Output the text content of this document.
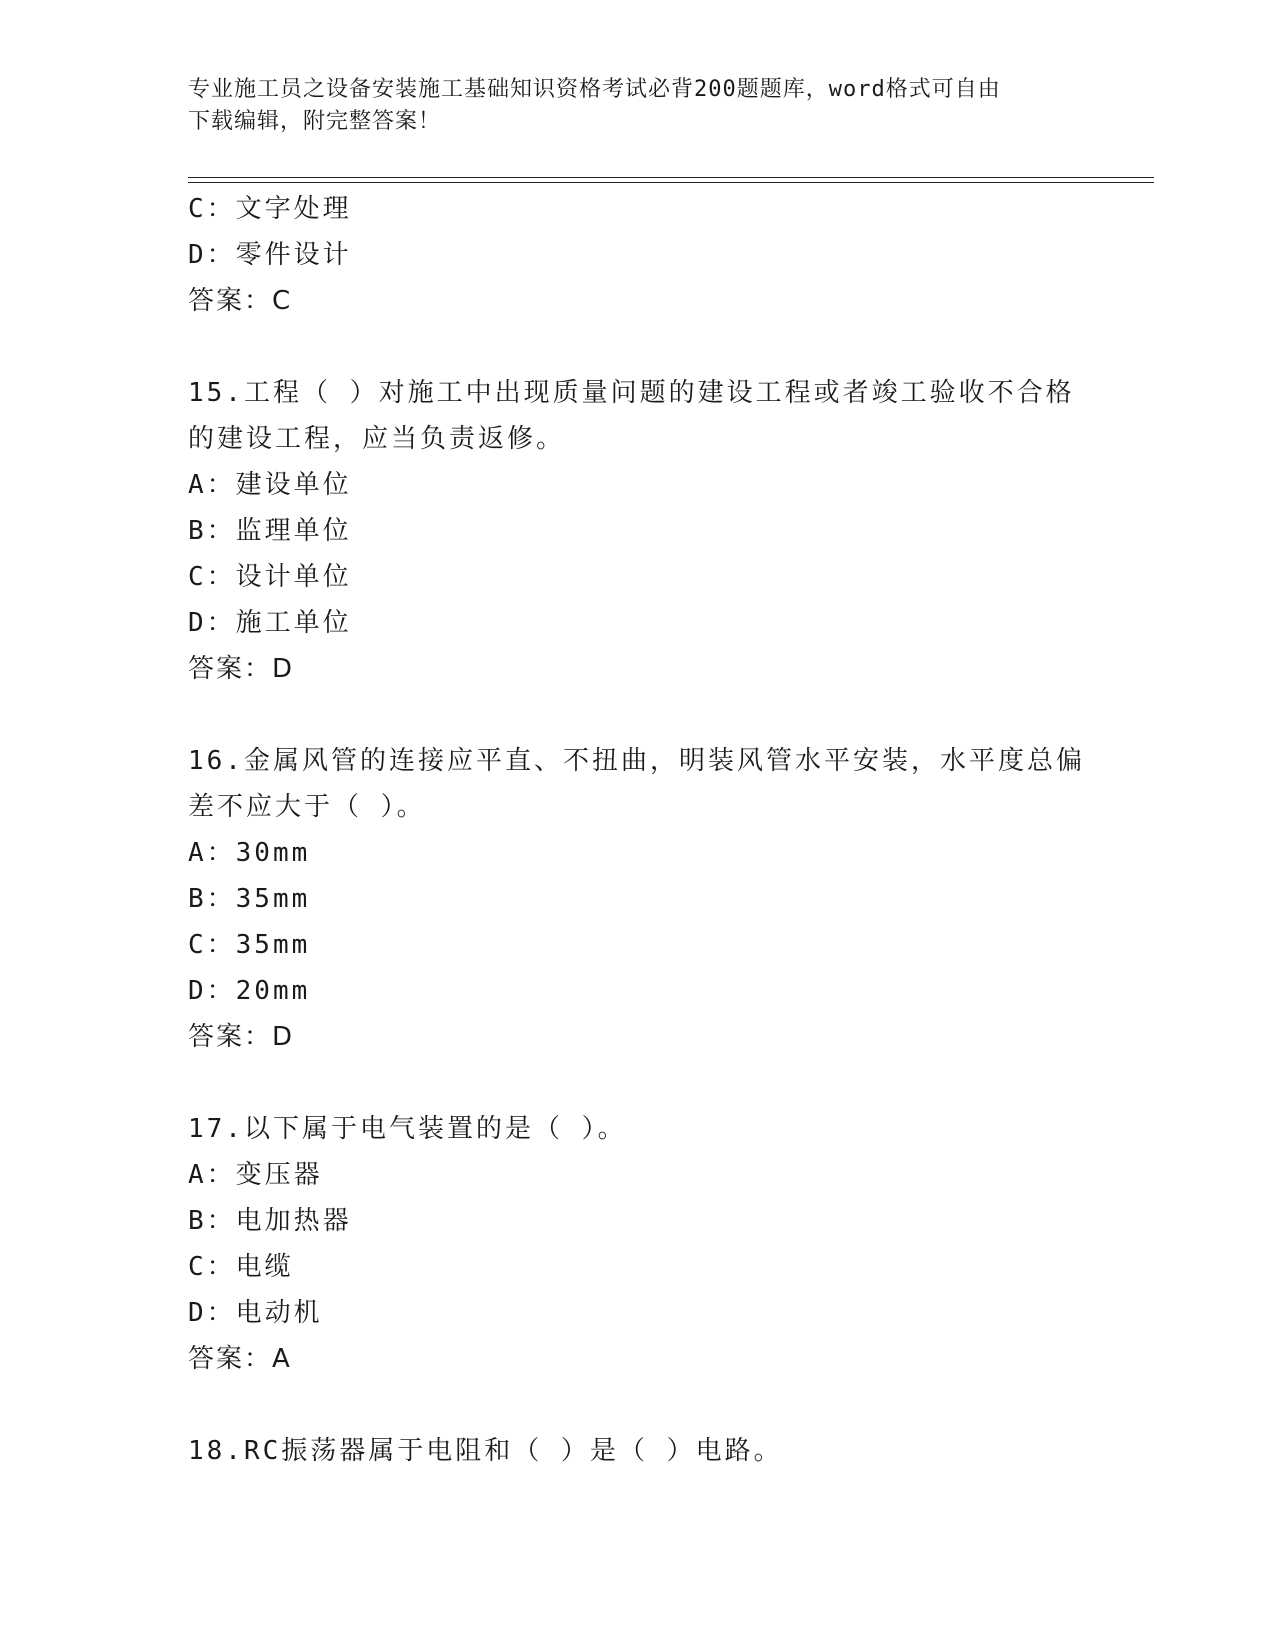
专业施工员之设备安装施工基础知识资格考试必背200题题库，word格式可自由
下载编辑，附完整答案！
C：文字处理
D：零件设计
答案：C
15.工程（ ）对施工中出现质量问题的建设工程或者竣工验收不合格
的建设工程，应当负责返修。
A：建设单位
B：监理单位
C：设计单位
D：施工单位
答案：D
16.金属风管的连接应平直、不扭曲，明装风管水平安装，水平度总偏
差不应大于（ ）。
A：30mm
B：35mm
C：35mm
D：20mm
答案：D
17.以下属于电气装置的是（ ）。
A：变压器
B：电加热器
C：电缆
D：电动机
答案：A
18.RC振荡器属于电阻和（ ）是（ ）电路。
